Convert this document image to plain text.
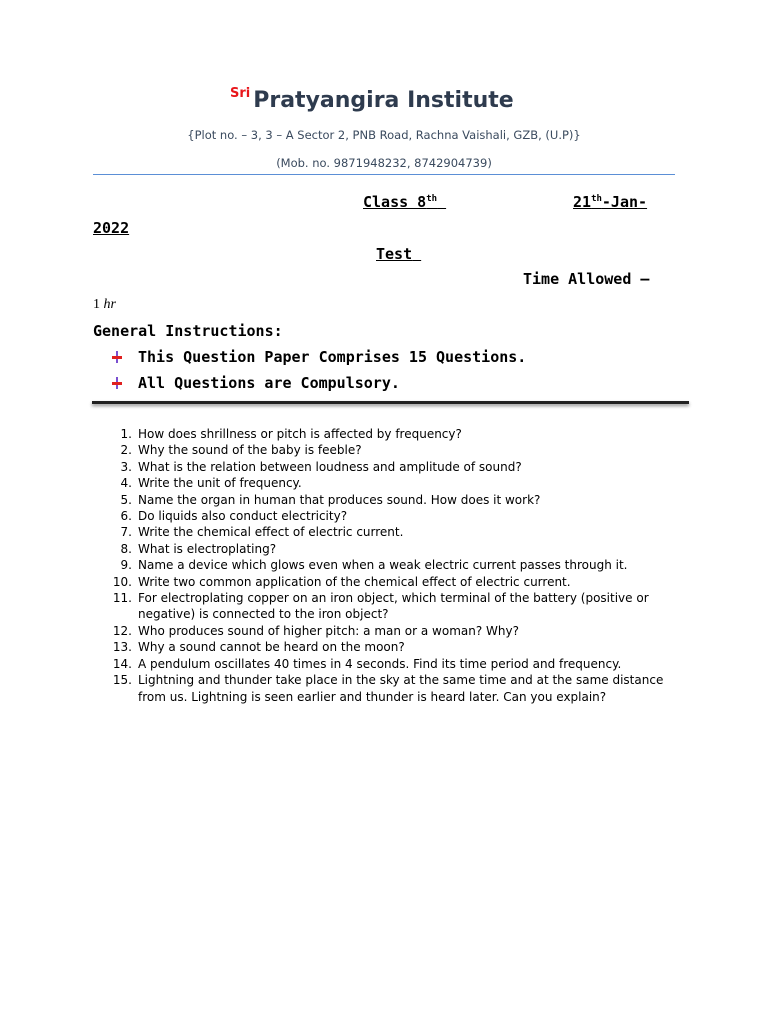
$^{Sri}$ Pratyangira Institute
{Plot no. – 3, 3 – A Sector 2, PNB Road, Rachna Vaishali, GZB, (U.P)}
(Mob. no. 9871948232, 8742904739)
Class 8th	21th-Jan-
2022
Test
Time Allowed –
1 hr
General Instructions:
This Question Paper Comprises 15 Questions.
All Questions are Compulsory.
1. How does shrillness or pitch is affected by frequency?
2. Why the sound of the baby is feeble?
3. What is the relation between loudness and amplitude of sound?
4. Write the unit of frequency.
5. Name the organ in human that produces sound. How does it work?
6. Do liquids also conduct electricity?
7. Write the chemical effect of electric current.
8. What is electroplating?
9. Name a device which glows even when a weak electric current passes through it.
10. Write two common application of the chemical effect of electric current.
11. For electroplating copper on an iron object, which terminal of the battery (positive or negative) is connected to the iron object?
12. Who produces sound of higher pitch: a man or a woman? Why?
13. Why a sound cannot be heard on the moon?
14. A pendulum oscillates 40 times in 4 seconds. Find its time period and frequency.
15. Lightning and thunder take place in the sky at the same time and at the same distance from us. Lightning is seen earlier and thunder is heard later. Can you explain?
